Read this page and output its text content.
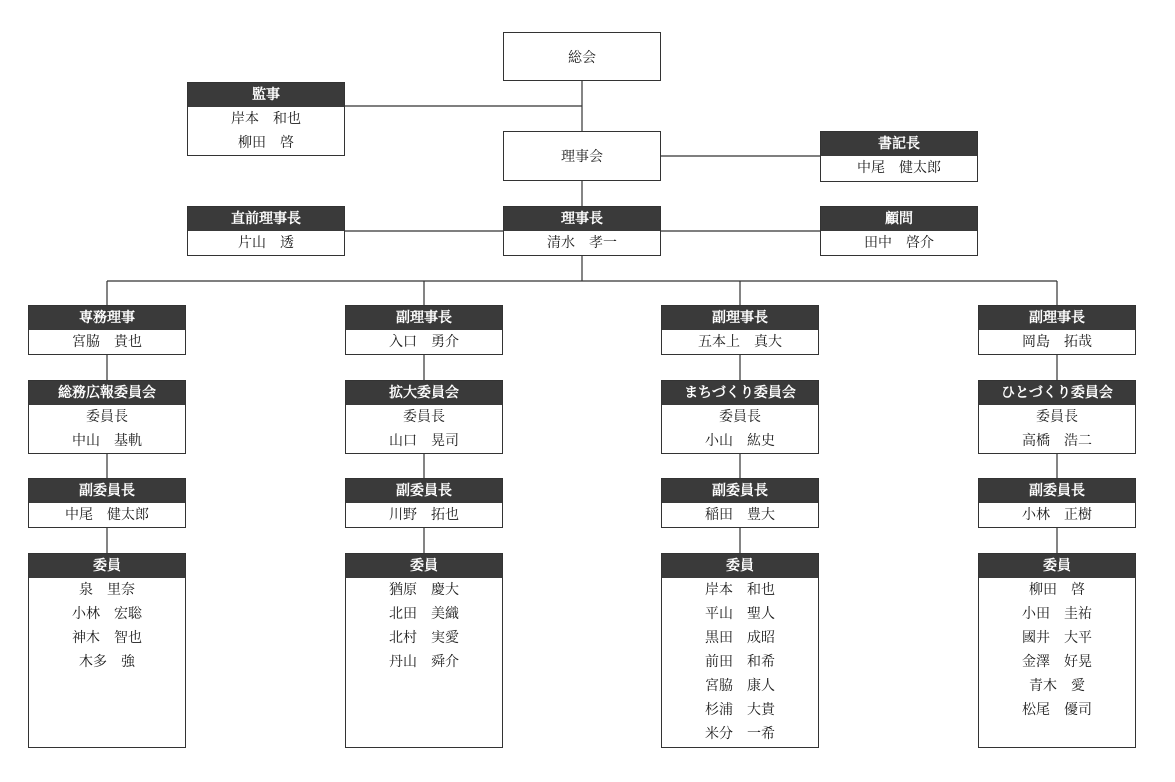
総会
監事
岸本　和也
柳田　啓
理事会
書記長
中尾　健太郎
直前理事長
片山　透
理事長
清水　孝一
顧問
田中　啓介
専務理事
宮脇　貴也
総務広報委員会
委員長
中山　基軌
副委員長
中尾　健太郎
委員
泉　里奈
小林　宏聡
神木　智也
木多　強
副理事長
入口　勇介
拡大委員会
委員長
山口　晃司
副委員長
川野　拓也
委員
猶原　慶大
北田　美織
北村　実愛
丹山　舜介
副理事長
五本上　真大
まちづくり委員会
委員長
小山　紘史
副委員長
稲田　豊大
委員
岸本　和也
平山　聖人
黒田　成昭
前田　和希
宮脇　康人
杉浦　大貴
米分　一希
副理事長
岡島　拓哉
ひとづくり委員会
委員長
高橋　浩二
副委員長
小林　正樹
委員
柳田　啓
小田　圭祐
國井　大平
金澤　好晃
青木　愛
松尾　優司
